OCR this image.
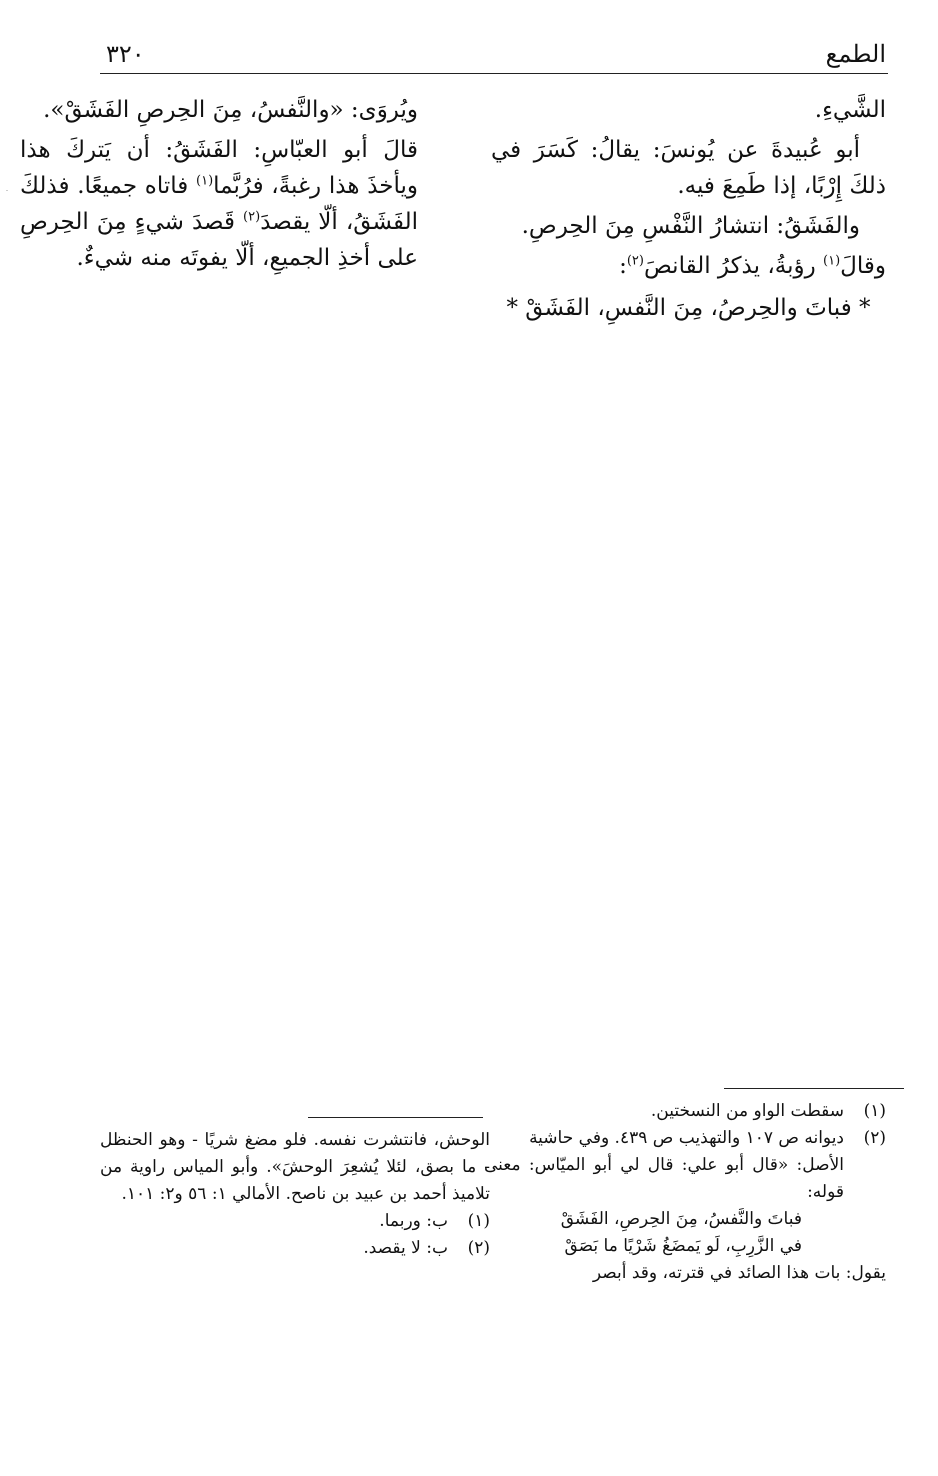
الطمع
٣٢٠

الشَّيءِ.

أبو عُبيدةَ عن يُونسَ: يقالُ: كَسَرَ في ذلكَ إِرْبًا، إذا طَمِعَ فيه.

والفَشَقُ: انتشارُ النَّفْسِ مِنَ الحِرصِ.

وقالَ$^{(١)}$ رؤبةُ، يذكرُ القانصَ$^{(٢)}$:

* فباتَ والحِرصُ، مِنَ النَّفسِ، الفَشَقْ *

ويُروَى: «والنَّفسُ، مِنَ الحِرصِ الفَشَقْ».

قالَ أبو العبّاسِ: الفَشَقُ: أن يَتركَ هذا ويأخذَ هذا رغبةً، فرُبَّما$^{(١)}$ فاتاه جميعًا. فذلكَ الفَشَقُ، ألّا يقصدَ$^{(٢)}$ قَصدَ شيءٍ مِنَ الحِرصِ على أخذِ الجميعِ، ألّا يفوتَه منه شيءٌ.

(١)
سقطت الواو من النسختين.
(٢)
ديوانه ص ١٠٧ والتهذيب ص ٤٣٩. وفي حاشية

الأصل: «قال أبو علي: قال لي أبو الميّاس: معنى قوله:

فباتَ والنَّفسُ، مِنَ الحِرصِ، الفَشَقْ

في الزَّرِبِ، لَو يَمضَغُ شَرْيًا ما بَصَقْ

يقول: بات هذا الصائد في قترته، وقد أبصر

الوحش، فانتشرت نفسه. فلو مضغ شريًا - وهو الحنظل - ما بصق، لئلا يُشعِرَ الوحشَ». وأبو المياس راوية من تلاميذ أحمد بن عبيد بن ناصح. الأمالي ١: ٥٦ و٢: ١٠١.

(١)
ب: وربما.
(٢)
ب: لا يقصد.
